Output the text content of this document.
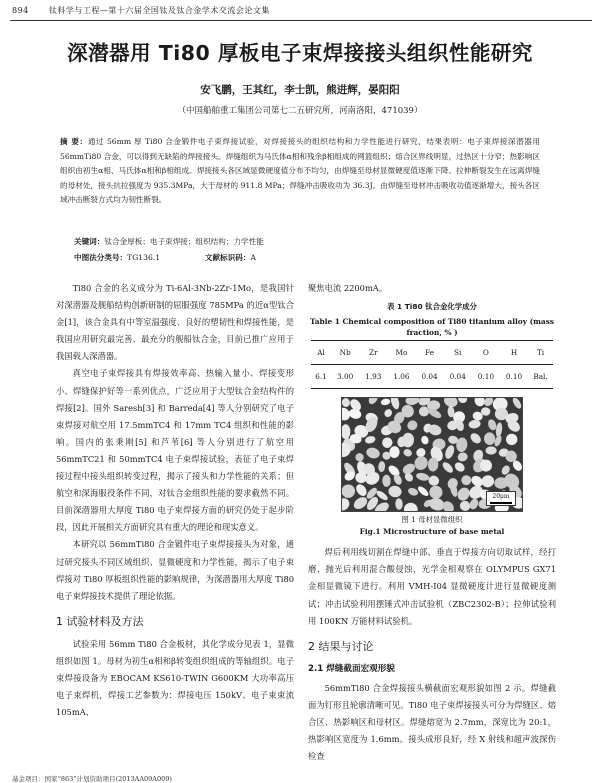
894	钛科学与工程—第十六届全国钛及钛合金学术交流会论文集
深潜器用 Ti80 厚板电子束焊接接头组织性能研究
安飞鹏，王其红，李士凯，熊进辉，晏阳阳
（中国船舶重工集团公司第七二五研究所，河南洛阳，471039）
摘 要：通过 56mm 厚 Ti80 合金锻件电子束焊接试验，对焊接接头的组织结构和力学性能进行研究，结果表明：电子束焊接深潜器用 56mmTi80 合金，可以得到无缺陷的焊接接头。焊缝组织为马氏体α相和残余β相组成的网篮组织；熔合区界线明显，过热区十分窄；热影响区组织由初生α相、马氏体α相和β相组成。焊接接头各区域显微硬度值分布不均匀，由焊缝至母材显微硬度值逐渐下降。拉伸断裂发生在远离焊缝的母材处，接头抗拉强度为 935.3MPa，大于母材的 911.8 MPa；焊缝冲击吸收功为 36.3J。由焊缝至母材冲击吸收功值逐渐增大，接头各区域冲击断裂方式均为韧性断裂。
关键词：钛合金厚板；电子束焊接；组织结构；力学性能
中图法分类号：TG136.1	文献标识码：A

Ti80 合金的名义成分为 Ti-6Al-3Nb-2Zr-1Mo，是我国针对深潜器及舰船结构创新研制的屈服强度 785MPa 的近α型钛合金[1]，该合金具有中等室温强度、良好的塑韧性和焊接性能，是我国应用研究最完善、最充分的舰船钛合金，目前已推广应用于我国载人深潜器。

真空电子束焊接具有焊接效率高、热输入量小、焊接变形小、焊缝保护好等一系列优点，广泛应用于大型钛合金结构件的焊接[2]。国外 Saresh[3] 和 Barreda[4] 等人分别研究了电子束焊接对航空用 17.5mmTC4 和 17mm TC4 组织和性能的影响。国内的张秉刚[5] 和芦苇[6] 等人分别进行了航空用 56mmTC21 和 50mmTC4 电子束焊接试验，表征了电子束焊接过程中接头组织转变过程，揭示了接头和力学性能的关系；但航空和深海服役条件不同，对钛合金组织性能的要求截然不同。目前深潜器用大厚度 Ti80 电子束焊接方面的研究仍处于起步阶段，因此开展相关方面研究具有重大的理论和现实意义。

本研究以 56mmTi80 合金锻件电子束焊接接头为对象，通过研究接头不同区域组织、显微硬度和力学性能，揭示了电子束焊接对 Ti80 厚板组织性能的影响规律，为深潜器用大厚度 Ti80 电子束焊接技术提供了理论依据。

1 试验材料及方法

试验采用 56mm Ti80 合金板材，其化学成分见表 1，显微组织如图 1。母材为初生α相和β转变组织组成的等轴组织。电子束焊接设备为 EBOCAM KS610-TWIN G600KM 大功率高压电子束焊机，焊接工艺参数为：焊接电压 150kV、电子束束流 105mA、

聚焦电流 2200mA。
表 1 Ti80 钛合金化学成分
Table 1 Chemical composition of Ti80 titanium alloy (mass fraction, % )
Al	Nb	Zr	Mo	Fe	Si	O	H	Ti
6.1	3.00	1.93	1.06	0.04	0.04	0.10	0.10	Bal.
20μm
图 1 母材显微组织
Fig.1 Microstructure of base metal

焊后利用线切割在焊缝中部、垂直于焊接方向切取试样，经打磨、抛光后利用混合酸侵蚀，光学金相观察在 OLYMPUS GX71 金相显微镜下进行。利用 VMH-I04 显微硬度计进行显微硬度测试；冲击试验利用摆锤式冲击试验机（ZBC2302-B）；拉伸试验利用 100KN 万能材料试验机。

2 结果与讨论
2.1 焊缝截面宏观形貌

56mmTi80 合金焊接接头横截面宏观形貌如图 2 示。焊缝截面为钉形且轮廓清晰可见。Ti80 电子束焊接接头可分为焊缝区、熔合区、热影响区和母材区。焊缝熔宽为 2.7mm，深宽比为 20:1，热影响区宽度为 1.6mm。接头成形良好，经 X 射线和超声波探伤检查

基金项目：国家“863”计划资助项目(2013AA09A009)
